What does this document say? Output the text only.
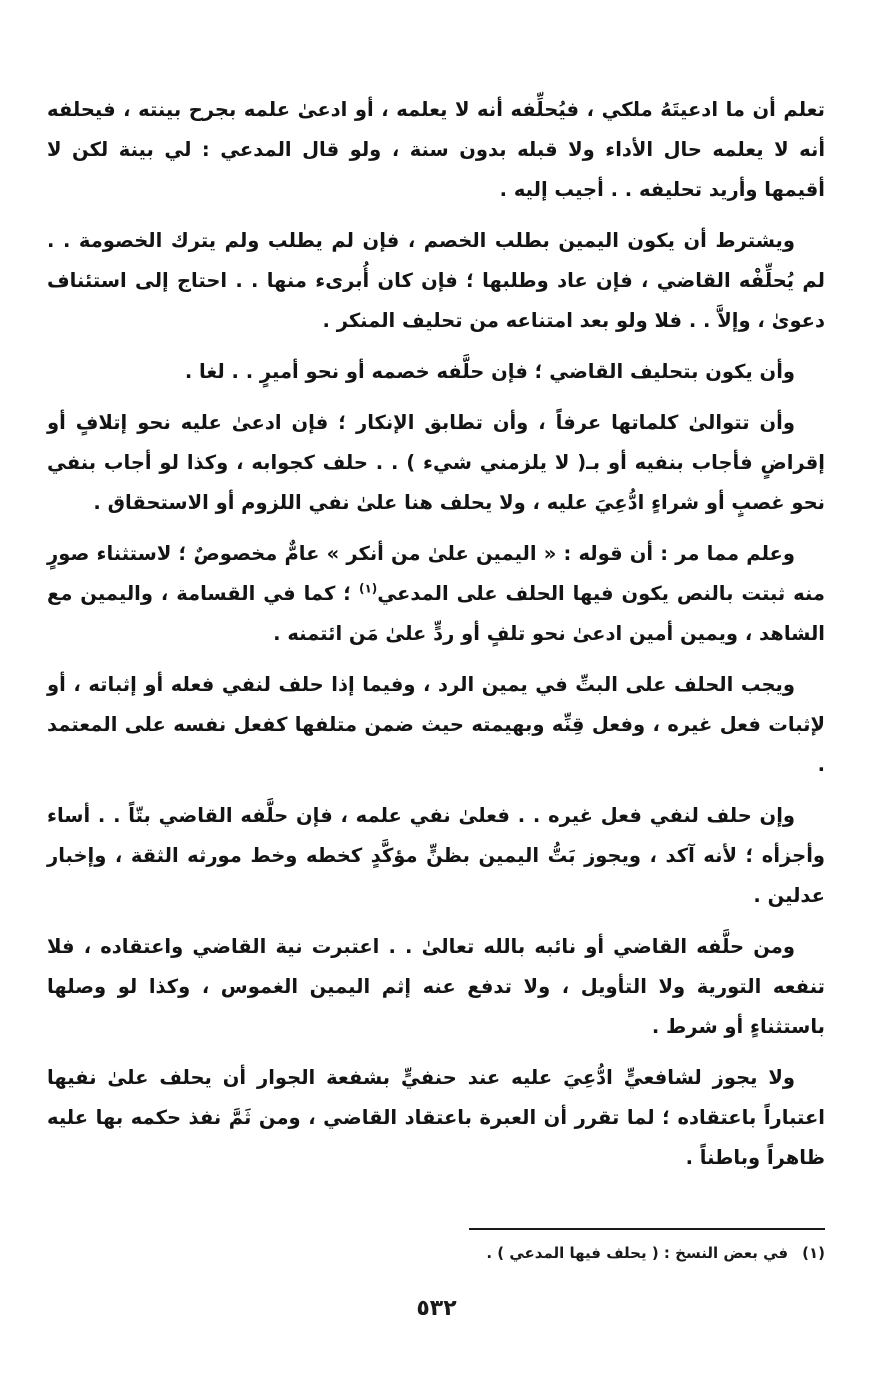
تعلم أن ما ادعيتَهُ ملكي ، فيُحلِّفه أنه لا يعلمه ، أو ادعىٰ علمه بجرح بينته ، فيحلفه أنه لا يعلمه حال الأداء ولا قبله بدون سنة ، ولو قال المدعي : لي بينة لكن لا أقيمها وأريد تحليفه . . أجيب إليه .

ويشترط أن يكون اليمين بطلب الخصم ، فإن لم يطلب ولم يترك الخصومة . . لم يُحلِّفْه القاضي ، فإن عاد وطلبها ؛ فإن كان أُبرىء منها . . احتاج إلى استئناف دعوىٰ ، وإلاَّ . . فلا ولو بعد امتناعه من تحليف المنكر .

وأن يكون بتحليف القاضي ؛ فإن حلَّفه خصمه أو نحو أميرٍ . . لغا .

وأن تتوالىٰ كلماتها عرفاً ، وأن تطابق الإنكار ؛ فإن ادعىٰ عليه نحو إتلافٍ أو إقراضٍ فأجاب بنفيه أو بـ( لا يلزمني شيء ) . . حلف كجوابه ، وكذا لو أجاب بنفي نحو غصبٍ أو شراءٍ ادُّعِيَ عليه ، ولا يحلف هنا علىٰ نفي اللزوم أو الاستحقاق .

وعلم مما مر : أن قوله : « اليمين علىٰ من أنكر » عامٌّ مخصوصٌ ؛ لاستثناء صورٍ منه ثبتت بالنص يكون فيها الحلف على المدعي$^{(١)}$ ؛ كما في القسامة ، واليمين مع الشاهد ، ويمين أمين ادعىٰ نحو تلفٍ أو ردٍّ علىٰ مَن ائتمنه .

ويجب الحلف على البتِّ في يمين الرد ، وفيما إذا حلف لنفي فعله أو إثباته ، أو لإثبات فعل غيره ، وفعل قِنِّه وبهيمته حيث ضمن متلفها كفعل نفسه على المعتمد .

وإن حلف لنفي فعل غيره . . فعلىٰ نفي علمه ، فإن حلَّفه القاضي بتّاً . . أساء وأجزأه ؛ لأنه آكد ، ويجوز بَتُّ اليمين بظنٍّ مؤكَّدٍ كخطه وخط مورثه الثقة ، وإخبار عدلين .

ومن حلَّفه القاضي أو نائبه بالله تعالىٰ . . اعتبرت نية القاضي واعتقاده ، فلا تنفعه التورية ولا التأويل ، ولا تدفع عنه إثم اليمين الغموس ، وكذا لو وصلها باستثناءٍ أو شرط .

ولا يجوز لشافعيٍّ ادُّعِيَ عليه عند حنفيٍّ بشفعة الجوار أن يحلف علىٰ نفيها اعتباراً باعتقاده ؛ لما تقرر أن العبرة باعتقاد القاضي ، ومن ثَمَّ نفذ حكمه بها عليه ظاهراً وباطناً .

(١)في بعض النسخ : ( يحلف فيها المدعي ) .
٥٣٢
